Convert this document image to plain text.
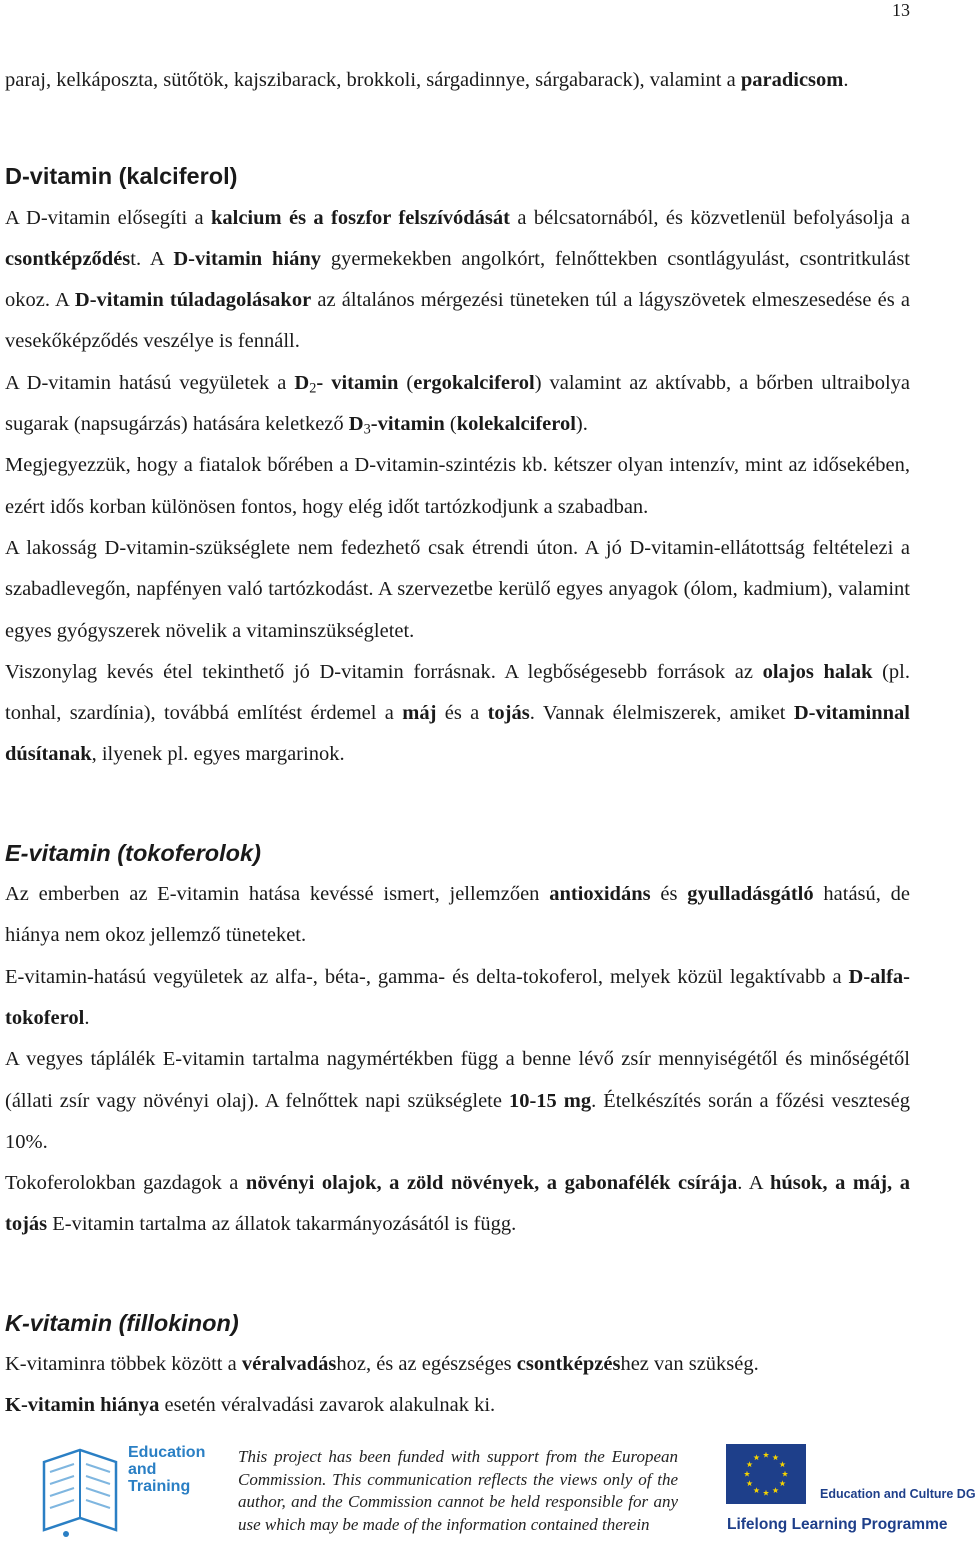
13

paraj, kelkáposzta, sütőtök, kajszibarack, brokkoli, sárgadinnye, sárgabarack), valamint a paradicsom.

D-vitamin (kalciferol)

A D-vitamin elősegíti a kalcium és a foszfor felszívódását a bélcsatornából, és közvetlenül befolyásolja a csontképződést. A D-vitamin hiány gyermekekben angolkórt, felnőttekben csontlágyulást, csontritkulást okoz. A D-vitamin túladagolásakor az általános mérgezési tüneteken túl a lágyszövetek elmeszesedése és a vesekőképződés veszélye is fennáll.

A D-vitamin hatású vegyületek a $D_2-$ vitamin (ergokalciferol) valamint az aktívabb, a bőrben ultraibolya sugarak (napsugárzás) hatására keletkező $D_3$-vitamin (kolekalciferol).

Megjegyezzük, hogy a fiatalok bőrében a D-vitamin-szintézis kb. kétszer olyan intenzív, mint az idősekében, ezért idős korban különösen fontos, hogy elég időt tartózkodjunk a szabadban.

A lakosság D-vitamin-szükséglete nem fedezhető csak étrendi úton. A jó D-vitamin-ellátottság feltételezi a szabadlevegőn, napfényen való tartózkodást. A szervezetbe kerülő egyes anyagok (ólom, kadmium), valamint egyes gyógyszerek növelik a vitaminszükségletet.

Viszonylag kevés étel tekinthető jó D-vitamin forrásnak. A legbőségesebb források az olajos halak (pl. tonhal, szardínia), továbbá említést érdemel a máj és a tojás. Vannak élelmiszerek, amiket D-vitaminnal dúsítanak, ilyenek pl. egyes margarinok.

E-vitamin (tokoferolok)

Az emberben az E-vitamin hatása kevéssé ismert, jellemzően antioxidáns és gyulladásgátló hatású, de hiánya nem okoz jellemző tüneteket.

E-vitamin-hatású vegyületek az alfa-, béta-, gamma- és delta-tokoferol, melyek közül legaktívabb a D-alfa-tokoferol.

A vegyes táplálék E-vitamin tartalma nagymértékben függ a benne lévő zsír mennyiségétől és minőségétől (állati zsír vagy növényi olaj). A felnőttek napi szükséglete 10-15 mg. Ételkészítés során a főzési veszteség 10%.

Tokoferolokban gazdagok a növényi olajok, a zöld növények, a gabonafélék csírája. A húsok, a máj, a tojás E-vitamin tartalma az állatok takarmányozásától is függ.

K-vitamin (fillokinon)

K-vitaminra többek között a véralvadáshoz, és az egészséges csontképzéshez van szükség.

K-vitamin hiánya esetén véralvadási zavarok alakulnak ki.

Education
and
Training
This project has been funded with support from the European Commission. This communication reflects the views only of the author, and the Commission cannot be held responsible for any use which may be made of the information contained therein
Education and Culture DG
Lifelong Learning Programme
